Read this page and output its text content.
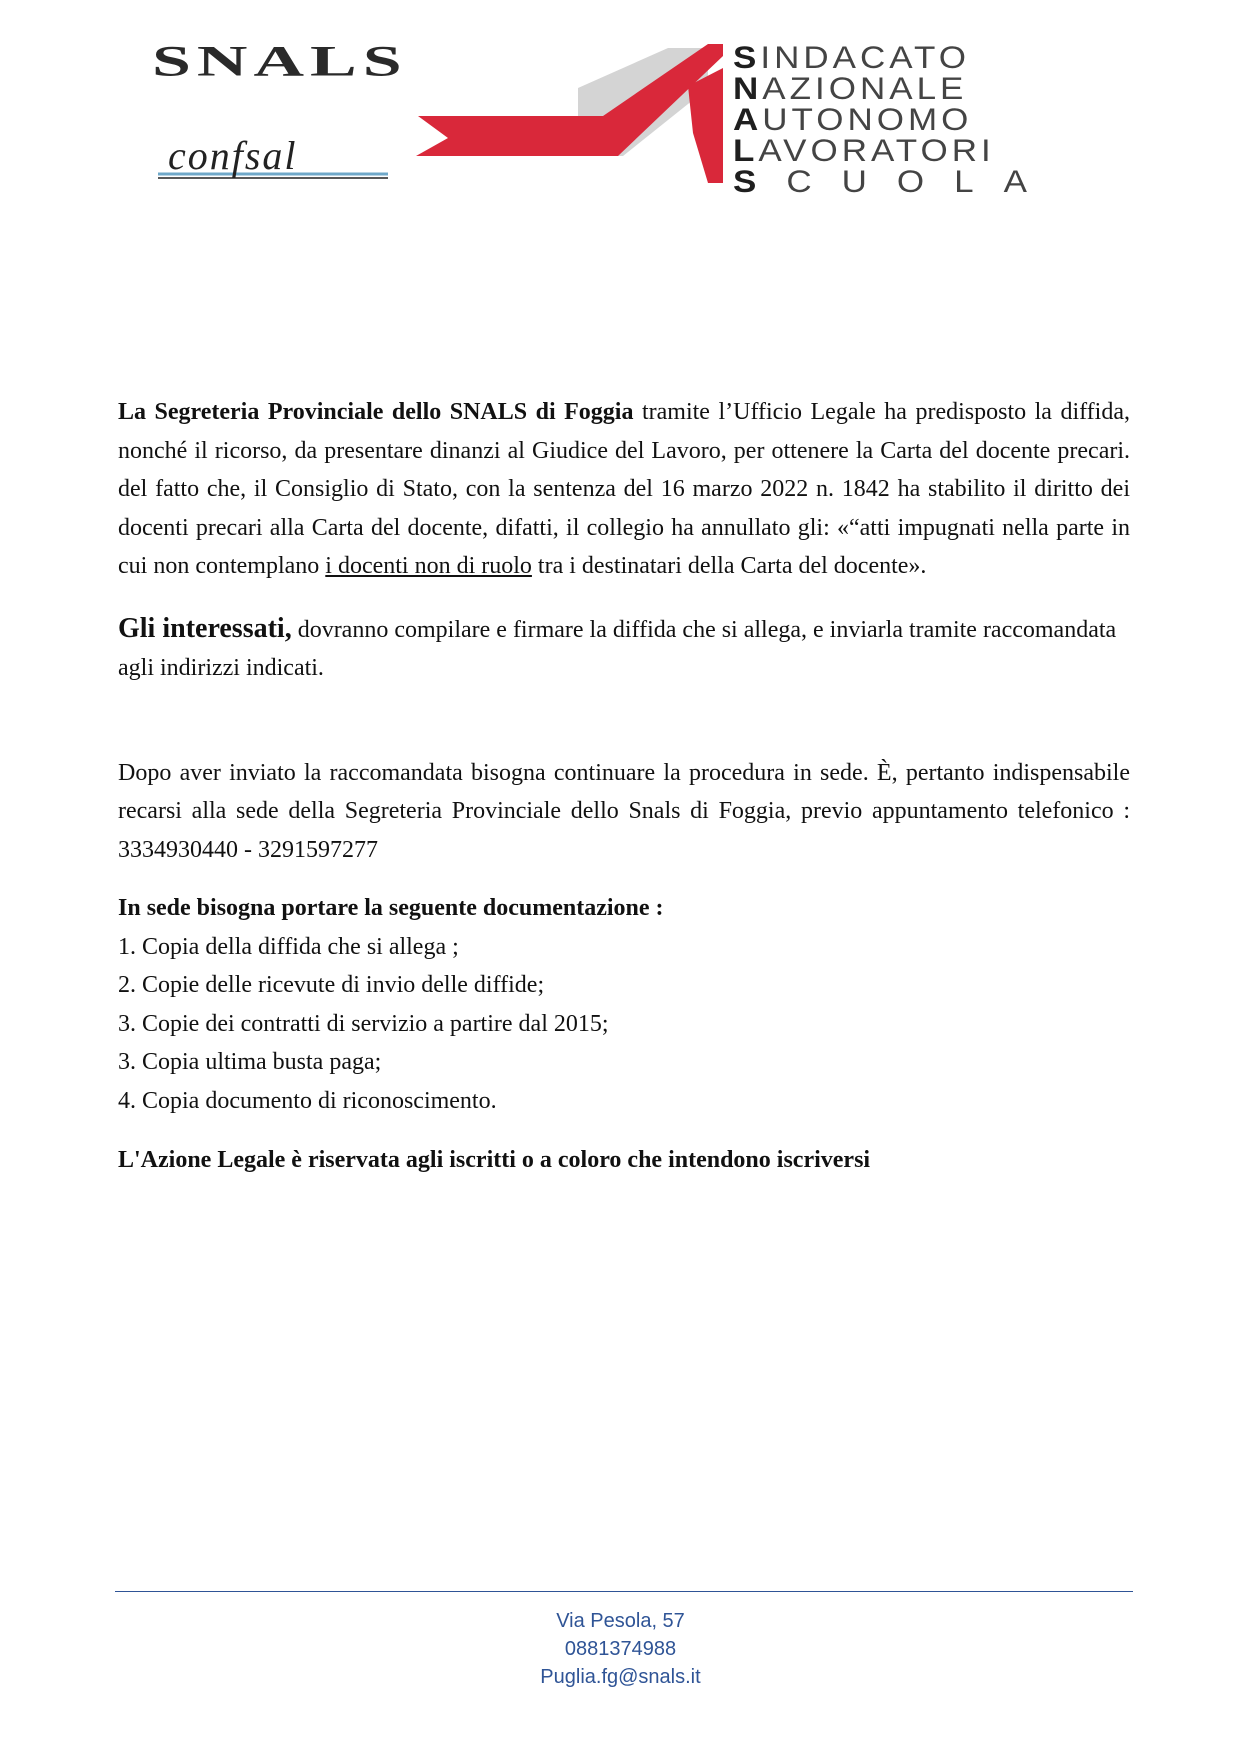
SNALS
confsal
SINDACATO
NAZIONALE
AUTONOMO
LAVORATORI
SCUOLA

La Segreteria Provinciale dello SNALS di Foggia tramite l’Ufficio Legale ha predisposto la diffida, nonché il ricorso, da presentare dinanzi al Giudice del Lavoro, per ottenere la Carta del docente precari. del fatto che, il Consiglio di Stato, con la sentenza del 16 marzo 2022 n. 1842 ha stabilito il diritto dei docenti precari alla Carta del docente, difatti, il collegio ha annullato gli: «“atti impugnati nella parte in cui non contemplano i docenti non di ruolo tra i destinatari della Carta del docente».

Gli interessati, dovranno compilare e firmare la diffida che si allega, e inviarla tramite raccomandata agli indirizzi indicati.

Dopo aver inviato la raccomandata bisogna continuare la procedura in sede. È, pertanto indispensabile recarsi alla sede della Segreteria Provinciale dello Snals di Foggia, previo appuntamento telefonico : 3334930440 - 3291597277

In sede bisogna portare la seguente documentazione :

1. Copia della diffida che si allega ;
2. Copie delle ricevute di invio delle diffide;
3. Copie dei contratti di servizio a partire dal 2015;
3. Copia ultima busta paga;
4. Copia documento di riconoscimento.

L'Azione Legale è riservata agli iscritti o a coloro che intendono iscriversi

Via Pesola, 57
0881374988
Puglia.fg@snals.it
